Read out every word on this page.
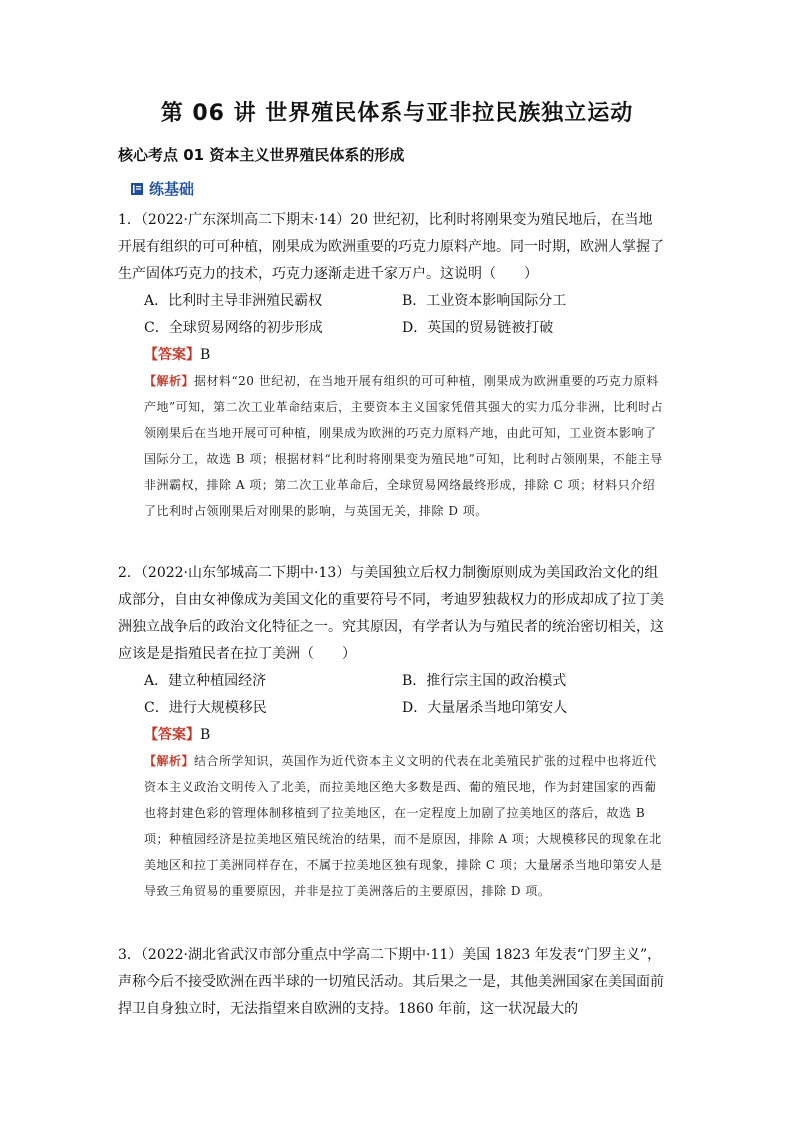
第 06 讲 世界殖民体系与亚非拉民族独立运动
核心考点 01 资本主义世界殖民体系的形成
练基础
1．（2022·广东深圳高二下期末·14）20 世纪初，比利时将刚果变为殖民地后，在当地开展有组织的可可种植，刚果成为欧洲重要的巧克力原料产地。同一时期，欧洲人掌握了生产固体巧克力的技术，巧克力逐渐走进千家万户。这说明（　　）
A．比利时主导非洲殖民霸权	B．工业资本影响国际分工
C．全球贸易网络的初步形成	D．英国的贸易链被打破
【答案】B
【解析】据材料“20 世纪初，在当地开展有组织的可可种植，刚果成为欧洲重要的巧克力原料产地”可知，第二次工业革命结束后，主要资本主义国家凭借其强大的实力瓜分非洲，比利时占领刚果后在当地开展可可种植，刚果成为欧洲的巧克力原料产地，由此可知，工业资本影响了国际分工，故选 B 项；根据材料“比利时将刚果变为殖民地”可知，比利时占领刚果，不能主导非洲霸权，排除 A 项；第二次工业革命后，全球贸易网络最终形成，排除 C 项；材料只介绍了比利时占领刚果后对刚果的影响，与英国无关，排除 D 项。
2．（2022·山东邹城高二下期中·13）与美国独立后权力制衡原则成为美国政治文化的组成部分，自由女神像成为美国文化的重要符号不同，考迪罗独裁权力的形成却成了拉丁美洲独立战争后的政治文化特征之一。究其原因，有学者认为与殖民者的统治密切相关，这应该是是指殖民者在拉丁美洲（　　）
A．建立种植园经济	B．推行宗主国的政治模式
C．进行大规模移民	D．大量屠杀当地印第安人
【答案】B
【解析】结合所学知识，英国作为近代资本主义文明的代表在北美殖民扩张的过程中也将近代资本主义政治文明传入了北美，而拉美地区绝大多数是西、葡的殖民地，作为封建国家的西葡也将封建色彩的管理体制移植到了拉美地区，在一定程度上加剧了拉美地区的落后，故选 B 项；种植园经济是拉美地区殖民统治的结果，而不是原因，排除 A 项；大规模移民的现象在北美地区和拉丁美洲同样存在，不属于拉美地区独有现象，排除 C 项；大量屠杀当地印第安人是导致三角贸易的重要原因，并非是拉丁美洲落后的主要原因，排除 D 项。
3．（2022·湖北省武汉市部分重点中学高二下期中·11）美国 1823 年发表“门罗主义”，声称今后不接受欧洲在西半球的一切殖民活动。其后果之一是，其他美洲国家在美国面前捍卫自身独立时，无法指望来自欧洲的支持。1860 年前，这一状况最大的
